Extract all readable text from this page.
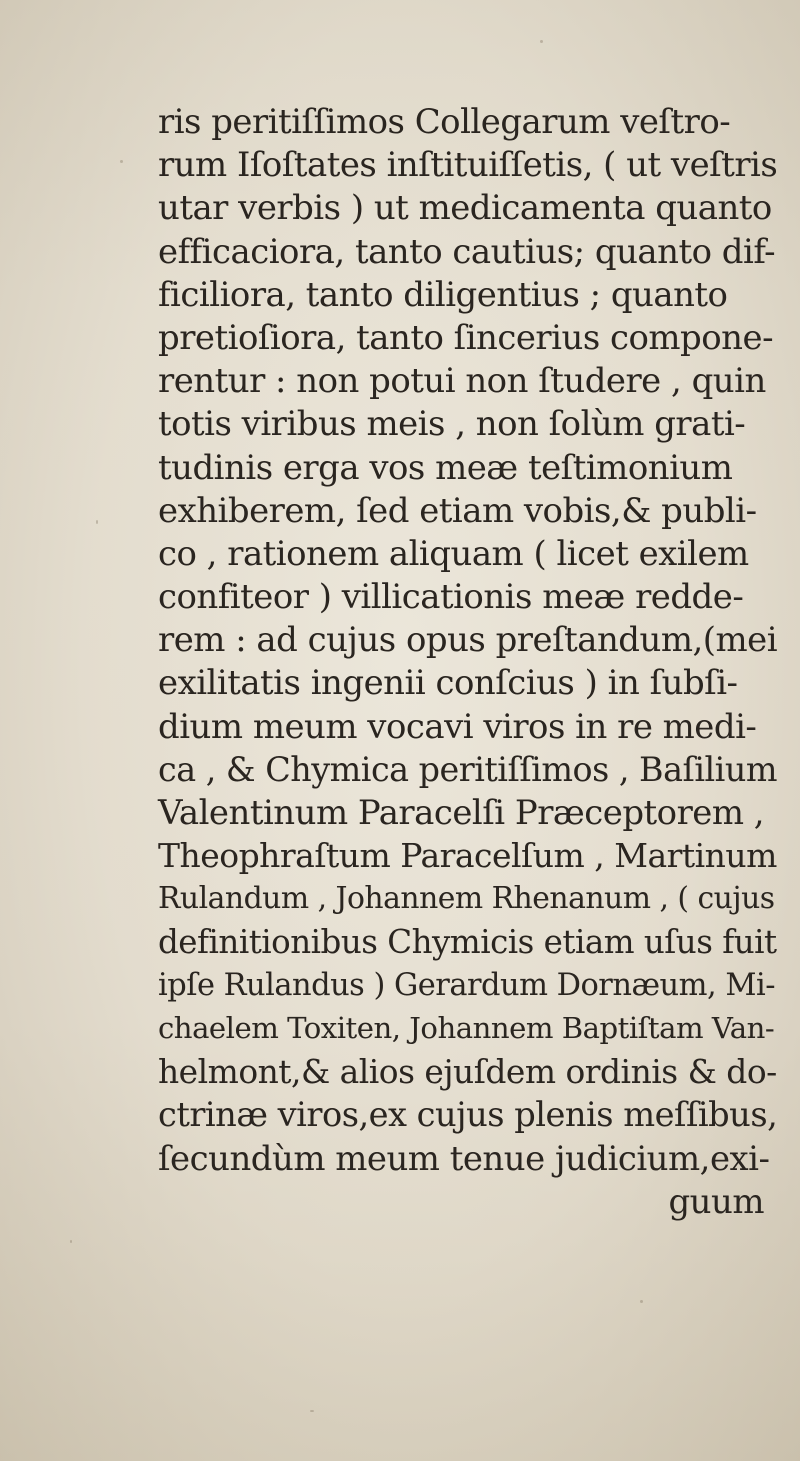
ris peritiſſimos Collegarum veſtro-
rum Iſoſtates inſtituiſſetis, ( ut veſtris
utar verbis ) ut medicamenta quanto
efficaciora, tanto cautius; quanto dif-
ficiliora, tanto diligentius ; quanto
pretioſiora, tanto ſincerius compone-
rentur : non potui non ſtudere , quin
totis viribus meis , non ſolùm grati-
tudinis erga vos meæ teſtimonium
exhiberem, ſed etiam vobis,& publi-
co , rationem aliquam ( licet exilem
confiteor ) villicationis meæ redde-
rem : ad cujus opus preſtandum,(mei
exilitatis ingenii conſcius ) in ſubſi-
dium meum vocavi viros in re medi-
ca , & Chymica peritiſſimos , Baſilium
Valentinum Paracelſi Præceptorem ,
Theophraſtum Paracelſum , Martinum
Rulandum , Johannem Rhenanum , ( cujus
definitionibus Chymicis etiam uſus fuit
ipſe Rulandus ) Gerardum Dornæum, Mi-
chaelem Toxiten, Johannem Baptiſtam Van-
helmont,& alios ejuſdem ordinis & do-
ctrinæ viros,ex cujus plenis meſſibus,
ſecundùm meum tenue judicium,exi-
guum
